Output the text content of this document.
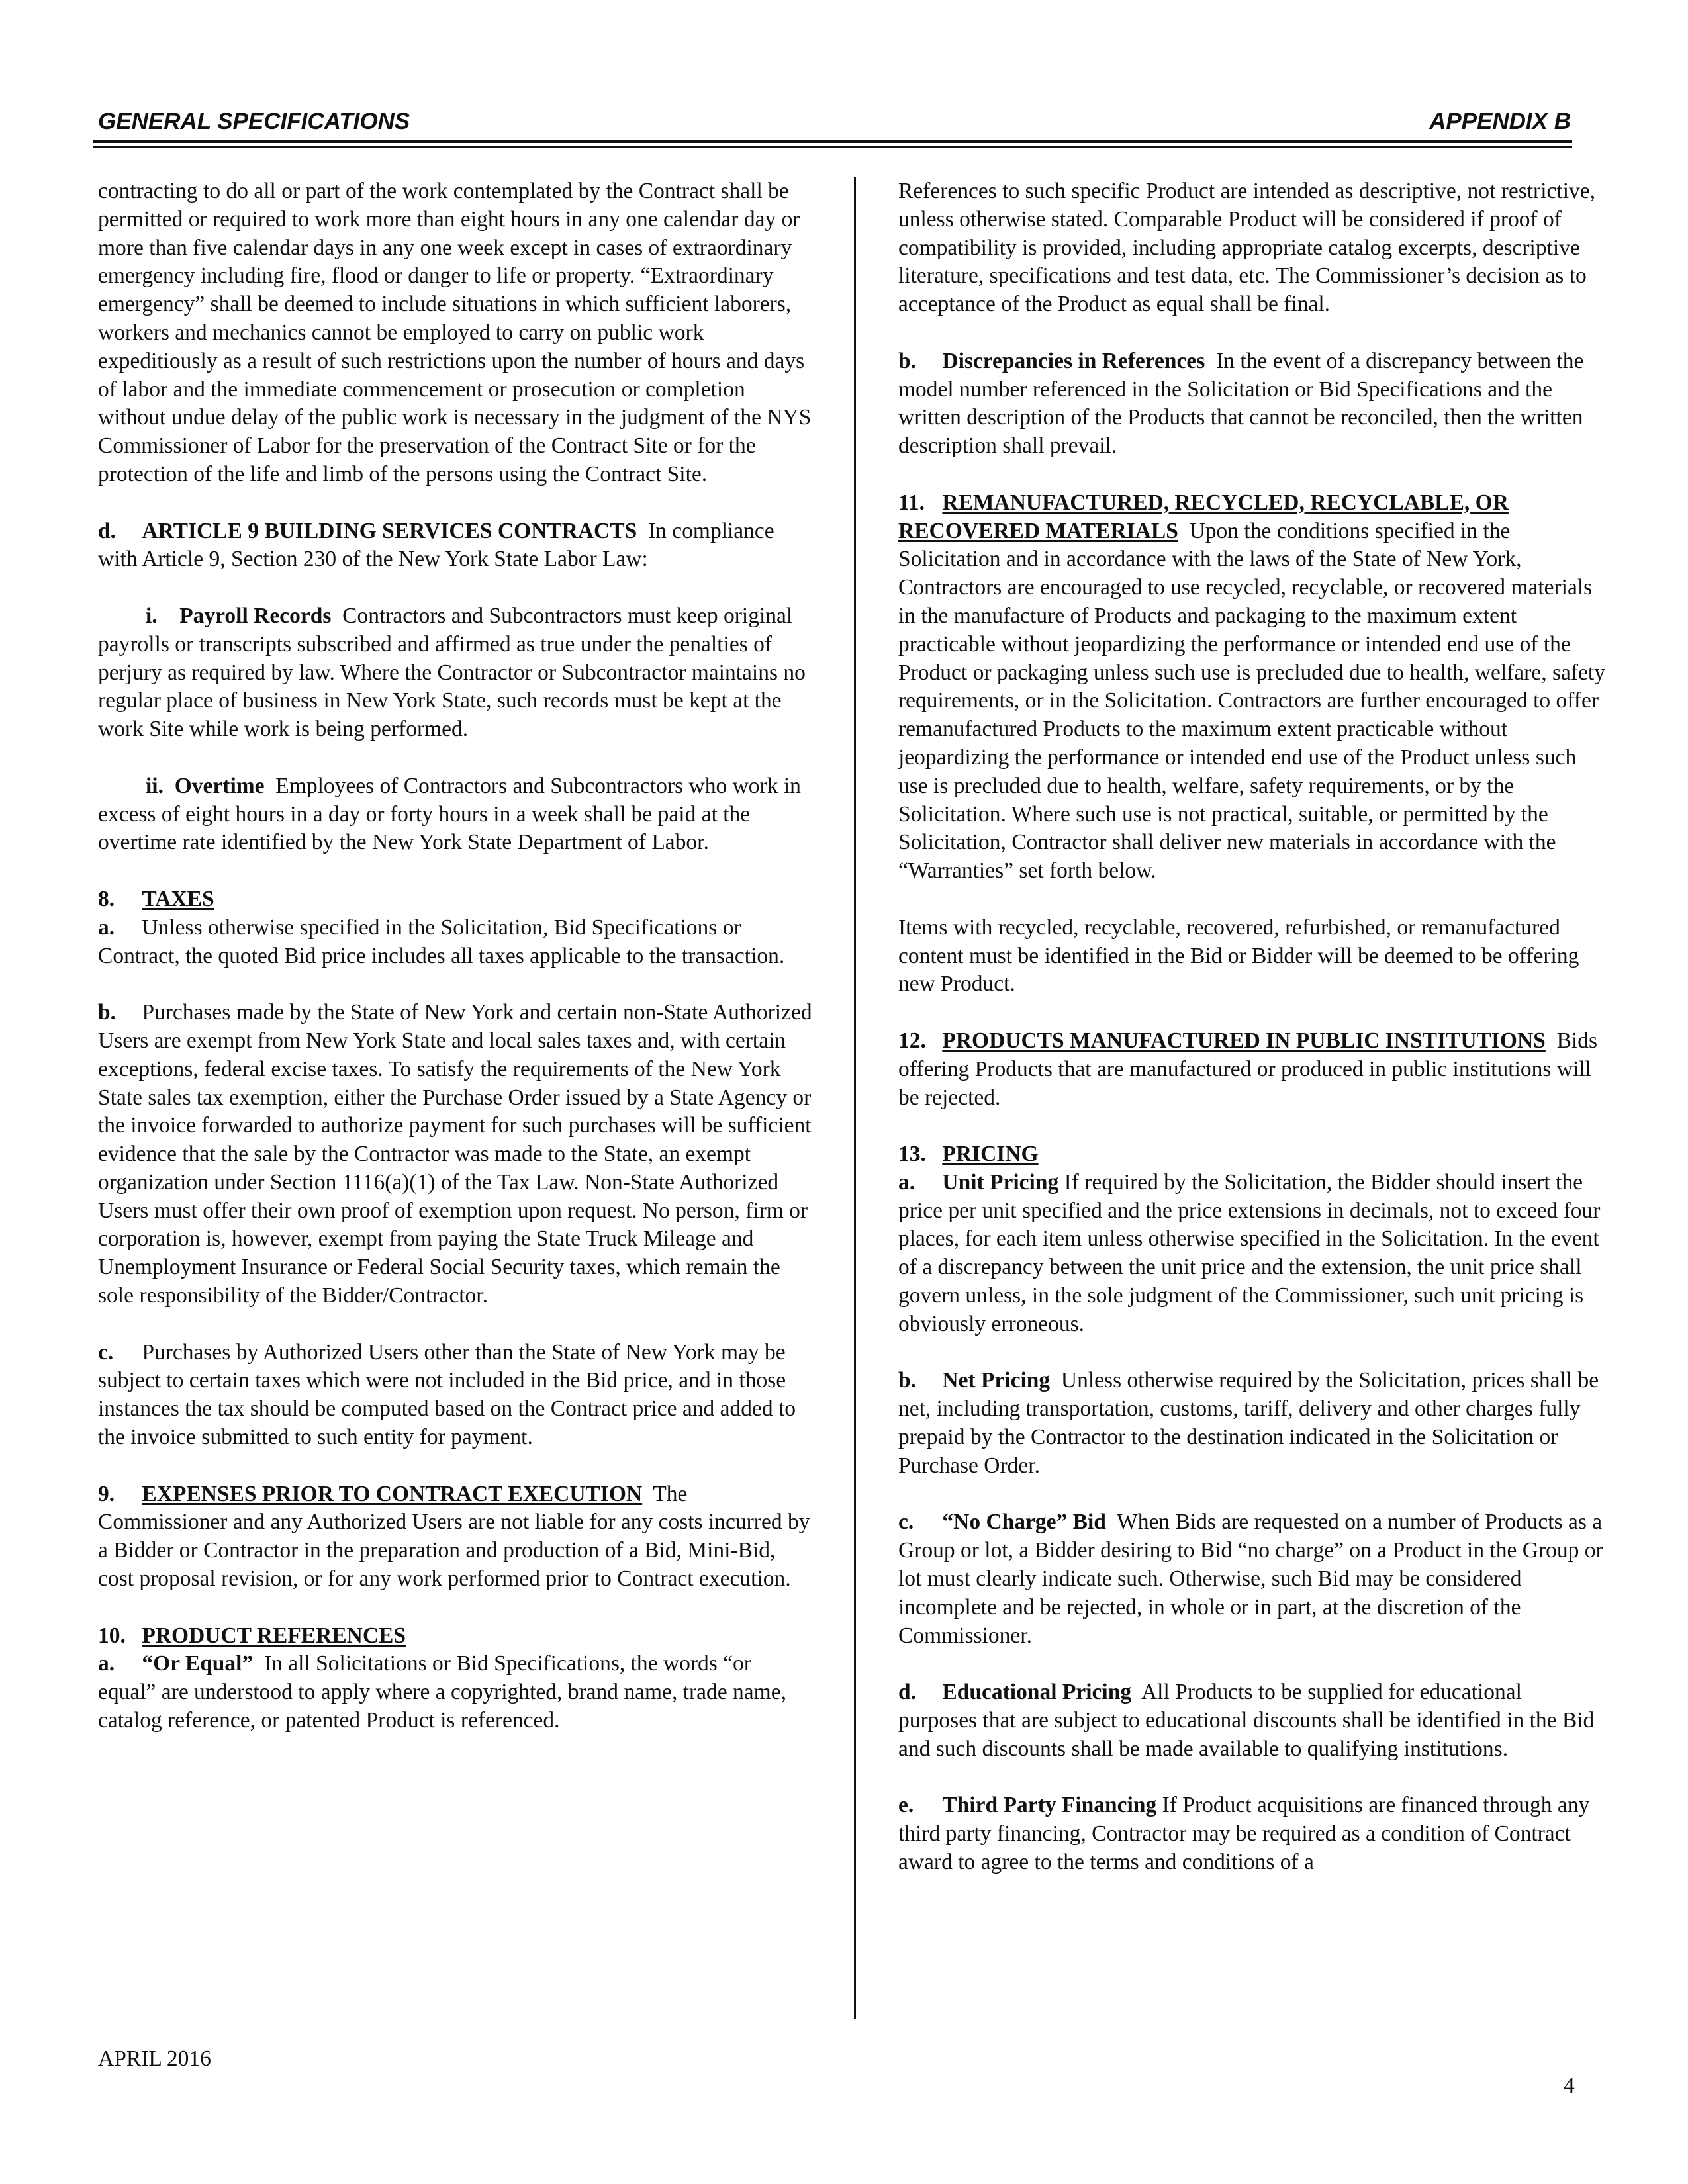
GENERAL SPECIFICATIONS	APPENDIX B

contracting to do all or part of the work contemplated by the Contract shall be permitted or required to work more than eight hours in any one calendar day or more than five calendar days in any one week except in cases of extraordinary emergency including fire, flood or danger to life or property. “Extraordinary emergency” shall be deemed to include situations in which sufficient laborers, workers and mechanics cannot be employed to carry on public work expeditiously as a result of such restrictions upon the number of hours and days of labor and the immediate commencement or prosecution or completion without undue delay of the public work is necessary in the judgment of the NYS Commissioner of Labor for the preservation of the Contract Site or for the protection of the life and limb of the persons using the Contract Site.

d. ARTICLE 9 BUILDING SERVICES CONTRACTS In compliance with Article 9, Section 230 of the New York State Labor Law:

i. Payroll Records Contractors and Subcontractors must keep original payrolls or transcripts subscribed and affirmed as true under the penalties of perjury as required by law. Where the Contractor or Subcontractor maintains no regular place of business in New York State, such records must be kept at the work Site while work is being performed.

ii. Overtime Employees of Contractors and Subcontractors who work in excess of eight hours in a day or forty hours in a week shall be paid at the overtime rate identified by the New York State Department of Labor.

8. TAXES

a. Unless otherwise specified in the Solicitation, Bid Specifications or Contract, the quoted Bid price includes all taxes applicable to the transaction.

b. Purchases made by the State of New York and certain non-State Authorized Users are exempt from New York State and local sales taxes and, with certain exceptions, federal excise taxes. To satisfy the requirements of the New York State sales tax exemption, either the Purchase Order issued by a State Agency or the invoice forwarded to authorize payment for such purchases will be sufficient evidence that the sale by the Contractor was made to the State, an exempt organization under Section 1116(a)(1) of the Tax Law. Non-State Authorized Users must offer their own proof of exemption upon request. No person, firm or corporation is, however, exempt from paying the State Truck Mileage and Unemployment Insurance or Federal Social Security taxes, which remain the sole responsibility of the Bidder/Contractor.

c. Purchases by Authorized Users other than the State of New York may be subject to certain taxes which were not included in the Bid price, and in those instances the tax should be computed based on the Contract price and added to the invoice submitted to such entity for payment.

9. EXPENSES PRIOR TO CONTRACT EXECUTION The Commissioner and any Authorized Users are not liable for any costs incurred by a Bidder or Contractor in the preparation and production of a Bid, Mini-Bid, cost proposal revision, or for any work performed prior to Contract execution.

10. PRODUCT REFERENCES

a. “Or Equal” In all Solicitations or Bid Specifications, the words “or equal” are understood to apply where a copyrighted, brand name, trade name, catalog reference, or patented Product is referenced.

References to such specific Product are intended as descriptive, not restrictive, unless otherwise stated. Comparable Product will be considered if proof of compatibility is provided, including appropriate catalog excerpts, descriptive literature, specifications and test data, etc. The Commissioner’s decision as to acceptance of the Product as equal shall be final.

b. Discrepancies in References In the event of a discrepancy between the model number referenced in the Solicitation or Bid Specifications and the written description of the Products that cannot be reconciled, then the written description shall prevail.

11. REMANUFACTURED, RECYCLED, RECYCLABLE, OR RECOVERED MATERIALS Upon the conditions specified in the Solicitation and in accordance with the laws of the State of New York, Contractors are encouraged to use recycled, recyclable, or recovered materials in the manufacture of Products and packaging to the maximum extent practicable without jeopardizing the performance or intended end use of the Product or packaging unless such use is precluded due to health, welfare, safety requirements, or in the Solicitation. Contractors are further encouraged to offer remanufactured Products to the maximum extent practicable without jeopardizing the performance or intended end use of the Product unless such use is precluded due to health, welfare, safety requirements, or by the Solicitation. Where such use is not practical, suitable, or permitted by the Solicitation, Contractor shall deliver new materials in accordance with the “Warranties” set forth below.

Items with recycled, recyclable, recovered, refurbished, or remanufactured content must be identified in the Bid or Bidder will be deemed to be offering new Product.

12. PRODUCTS MANUFACTURED IN PUBLIC INSTITUTIONS Bids offering Products that are manufactured or produced in public institutions will be rejected.

13. PRICING

a. Unit Pricing If required by the Solicitation, the Bidder should insert the price per unit specified and the price extensions in decimals, not to exceed four places, for each item unless otherwise specified in the Solicitation. In the event of a discrepancy between the unit price and the extension, the unit price shall govern unless, in the sole judgment of the Commissioner, such unit pricing is obviously erroneous.

b. Net Pricing Unless otherwise required by the Solicitation, prices shall be net, including transportation, customs, tariff, delivery and other charges fully prepaid by the Contractor to the destination indicated in the Solicitation or Purchase Order.

c. “No Charge” Bid When Bids are requested on a number of Products as a Group or lot, a Bidder desiring to Bid “no charge” on a Product in the Group or lot must clearly indicate such. Otherwise, such Bid may be considered incomplete and be rejected, in whole or in part, at the discretion of the Commissioner.

d. Educational Pricing All Products to be supplied for educational purposes that are subject to educational discounts shall be identified in the Bid and such discounts shall be made available to qualifying institutions.

e. Third Party Financing If Product acquisitions are financed through any third party financing, Contractor may be required as a condition of Contract award to agree to the terms and conditions of a

APRIL 2016
4
